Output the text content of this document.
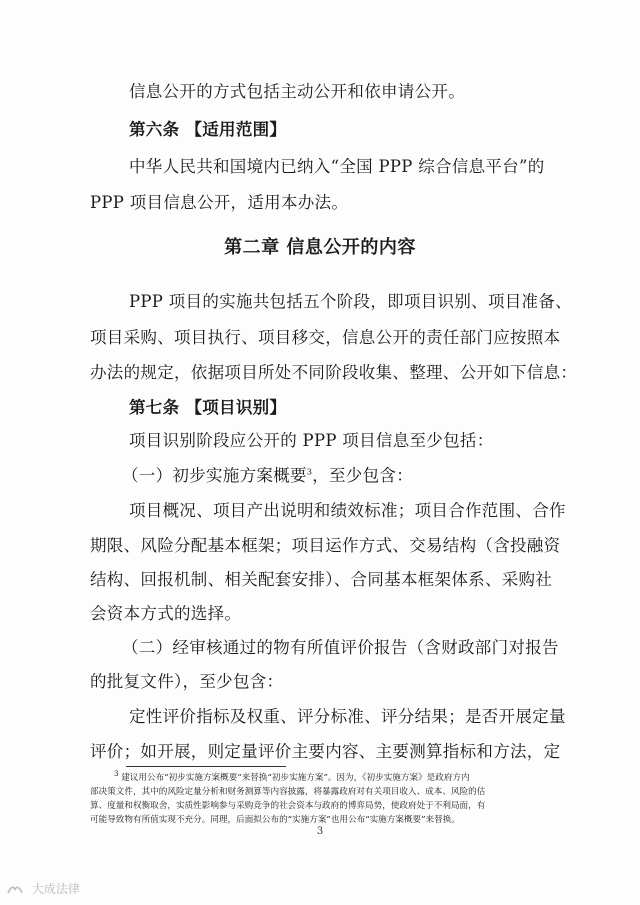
信息公开的方式包括主动公开和依申请公开。
第六条 【适用范围】
中华人民共和国境内已纳入“全国 PPP 综合信息平台”的
PPP 项目信息公开，适用本办法。
第二章 信息公开的内容
PPP 项目的实施共包括五个阶段，即项目识别、项目准备、
项目采购、项目执行、项目移交，信息公开的责任部门应按照本
办法的规定，依据项目所处不同阶段收集、整理、公开如下信息：
第七条 【项目识别】
项目识别阶段应公开的 PPP 项目信息至少包括：
（一）初步实施方案概要$^3$，至少包含：
项目概况、项目产出说明和绩效标准；项目合作范围、合作
期限、风险分配基本框架；项目运作方式、交易结构（含投融资
结构、回报机制、相关配套安排）、合同基本框架体系、采购社
会资本方式的选择。
（二）经审核通过的物有所值评价报告（含财政部门对报告
的批复文件），至少包含：
定性评价指标及权重、评分标准、评分结果；是否开展定量
评价；如开展，则定量评价主要内容、主要测算指标和方法，定
$^3$ 建议用公布“初步实施方案概要”来替换“初步实施方案”。因为，《初步实施方案》是政府方内
部决策文件，其中的风险定量分析和财务测算等内容披露，将暴露政府对有关项目收入、成本、风险的估
算、度量和权衡取舍，实质性影响参与采购竞争的社会资本与政府的博弈局势，使政府处于不利局面，有
可能导致物有所值实现不充分。同理，后面拟公布的“实施方案”也用公布“实施方案概要”来替换。
3
大成法律
